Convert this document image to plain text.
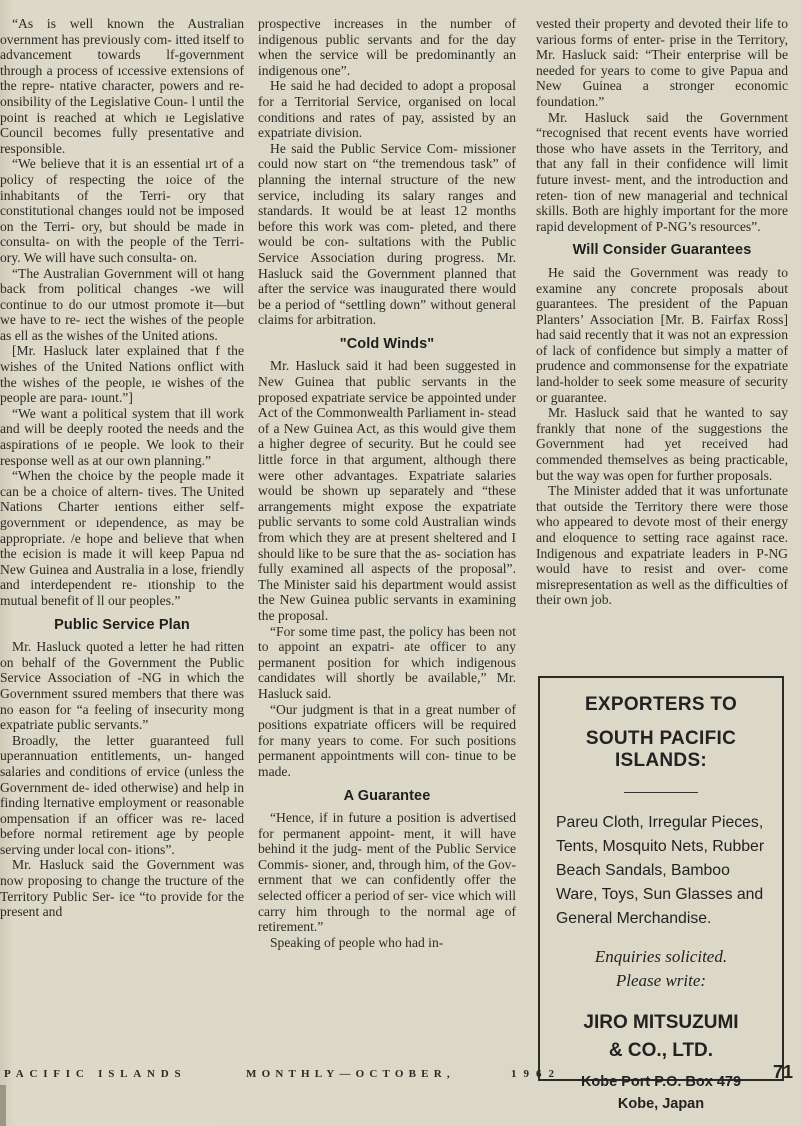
“As is well known the Australian overnment has previously com- itted itself to advancement towards lf-government through a process of ıccessive extensions of the repre- ntative character, powers and re- onsibility of the Legislative Coun- l until the point is reached at which ıe Legislative Council becomes fully presentative and responsible.

“We believe that it is an essential ırt of a policy of respecting the ıoice of the inhabitants of the Terri- ory that constitutional changes ıould not be imposed on the Terri- ory, but should be made in consulta- on with the people of the Terri- ory. We will have such consulta- on.

“The Australian Government will ot hang back from political changes -we will continue to do our utmost promote it—but we have to re- ıect the wishes of the people as ell as the wishes of the United ations.

[Mr. Hasluck later explained that f the wishes of the United Nations onflict with the wishes of the people, ıe wishes of the people are para- ıount.”]

“We want a political system that ill work and will be deeply rooted the needs and the aspirations of ıe people. We look to their response well as at our own planning.”

“When the choice by the people made it can be a choice of altern- tives. The United Nations Charter ıentions either self-government or ıdependence, as may be appropriate. /e hope and believe that when the ecision is made it will keep Papua nd New Guinea and Australia in a lose, friendly and interdependent re- ıtionship to the mutual benefit of ll our peoples.”

Public Service Plan

Mr. Hasluck quoted a letter he had ritten on behalf of the Government the Public Service Association of -NG in which the Government ssured members that there was no eason for “a feeling of insecurity mong expatriate public servants.”

Broadly, the letter guaranteed full uperannuation entitlements, un- hanged salaries and conditions of ervice (unless the Government de- ided otherwise) and help in finding lternative employment or reasonable ompensation if an officer was re- laced before normal retirement age by people serving under local con- itions”.

Mr. Hasluck said the Government was now proposing to change the tructure of the Territory Public Ser- ice “to provide for the present and

prospective increases in the number of indigenous public servants and for the day when the service will be predominantly an indigenous one”.

He said he had decided to adopt a proposal for a Territorial Service, organised on local conditions and rates of pay, assisted by an expatriate division.

He said the Public Service Com- missioner could now start on “the tremendous task” of planning the internal structure of the new service, including its salary ranges and standards. It would be at least 12 months before this work was com- pleted, and there would be con- sultations with the Public Service Association during progress. Mr. Hasluck said the Government planned that after the service was inaugurated there would be a period of “settling down” without general claims for arbitration.

"Cold Winds"

Mr. Hasluck said it had been suggested in New Guinea that public servants in the proposed expatriate service be appointed under Act of the Commonwealth Parliament in- stead of a New Guinea Act, as this would give them a higher degree of security. But he could see little force in that argument, although there were other advantages. Expatriate salaries would be shown up separately and “these arrangements might expose the expatriate public servants to some cold Australian winds from which they are at present sheltered and I should like to be sure that the as- sociation has fully examined all aspects of the proposal”. The Minister said his department would assist the New Guinea public servants in examining the proposal.

“For some time past, the policy has been not to appoint an expatri- ate officer to any permanent position for which indigenous candidates will shortly be available,” Mr. Hasluck said.

“Our judgment is that in a great number of positions expatriate officers will be required for many years to come. For such positions permanent appointments will con- tinue to be made.

A Guarantee

“Hence, if in future a position is advertised for permanent appoint- ment, it will have behind it the judg- ment of the Public Service Commis- sioner, and, through him, of the Gov- ernment that we can confidently offer the selected officer a period of ser- vice which will carry him through to the normal age of retirement.”

Speaking of people who had in-

vested their property and devoted their life to various forms of enter- prise in the Territory, Mr. Hasluck said: “Their enterprise will be needed for years to come to give Papua and New Guinea a stronger economic foundation.”

Mr. Hasluck said the Government “recognised that recent events have worried those who have assets in the Territory, and that any fall in their confidence will limit future invest- ment, and the introduction and reten- tion of new managerial and technical skills. Both are highly important for the more rapid development of P-NG’s resources”.

Will Consider Guarantees

He said the Government was ready to examine any concrete proposals about guarantees. The president of the Papuan Planters’ Association [Mr. B. Fairfax Ross] had said recently that it was not an expression of lack of confidence but simply a matter of prudence and commonsense for the expatriate land-holder to seek some measure of security or guarantee.

Mr. Hasluck said that he wanted to say frankly that none of the suggestions the Government had yet received had commended themselves as being practicable, but the way was open for further proposals.

The Minister added that it was unfortunate that outside the Territory there were those who appeared to devote most of their energy and eloquence to setting race against race. Indigenous and expatriate leaders in P-NG would have to resist and over- come misrepresentation as well as the difficulties of their own job.

EXPORTERS TO
SOUTH PACIFIC ISLANDS:
Pareu Cloth, Irregular Pieces, Tents, Mosquito Nets, Rubber Beach Sandals, Bamboo Ware, Toys, Sun Glasses and General Merchandise.
Enquiries solicited.
Please write:
JIRO MITSUZUMI
& CO., LTD.
Kobe Port P.O. Box 479
Kobe, Japan
PACIFIC ISLANDS	MONTHLY—OCTOBER,	1962	71
